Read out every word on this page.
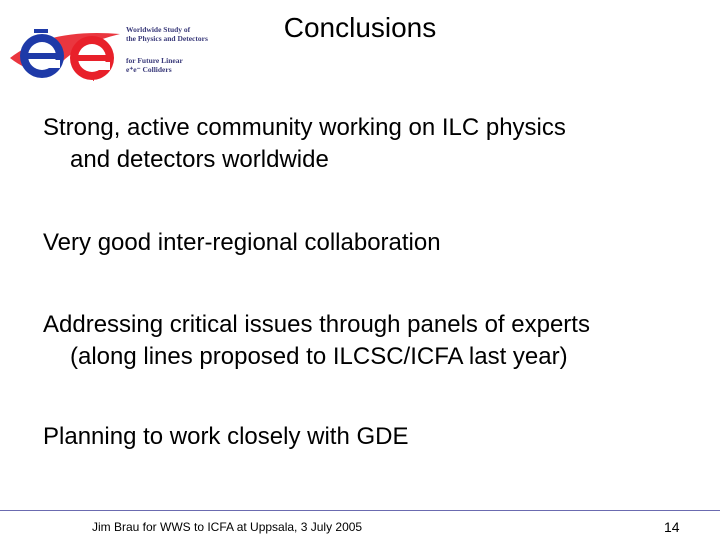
+
Worldwide Study of
the Physics and Detectors
for Future Linear
e⁺e⁻ Colliders
Conclusions

Strong, active community working on ILC physics
and detectors worldwide

Very good inter-regional collaboration

Addressing critical issues through panels of experts
(along lines proposed to ILCSC/ICFA last year)

Planning to work closely with GDE

Jim Brau for WWS to ICFA at Uppsala, 3 July 2005	14
